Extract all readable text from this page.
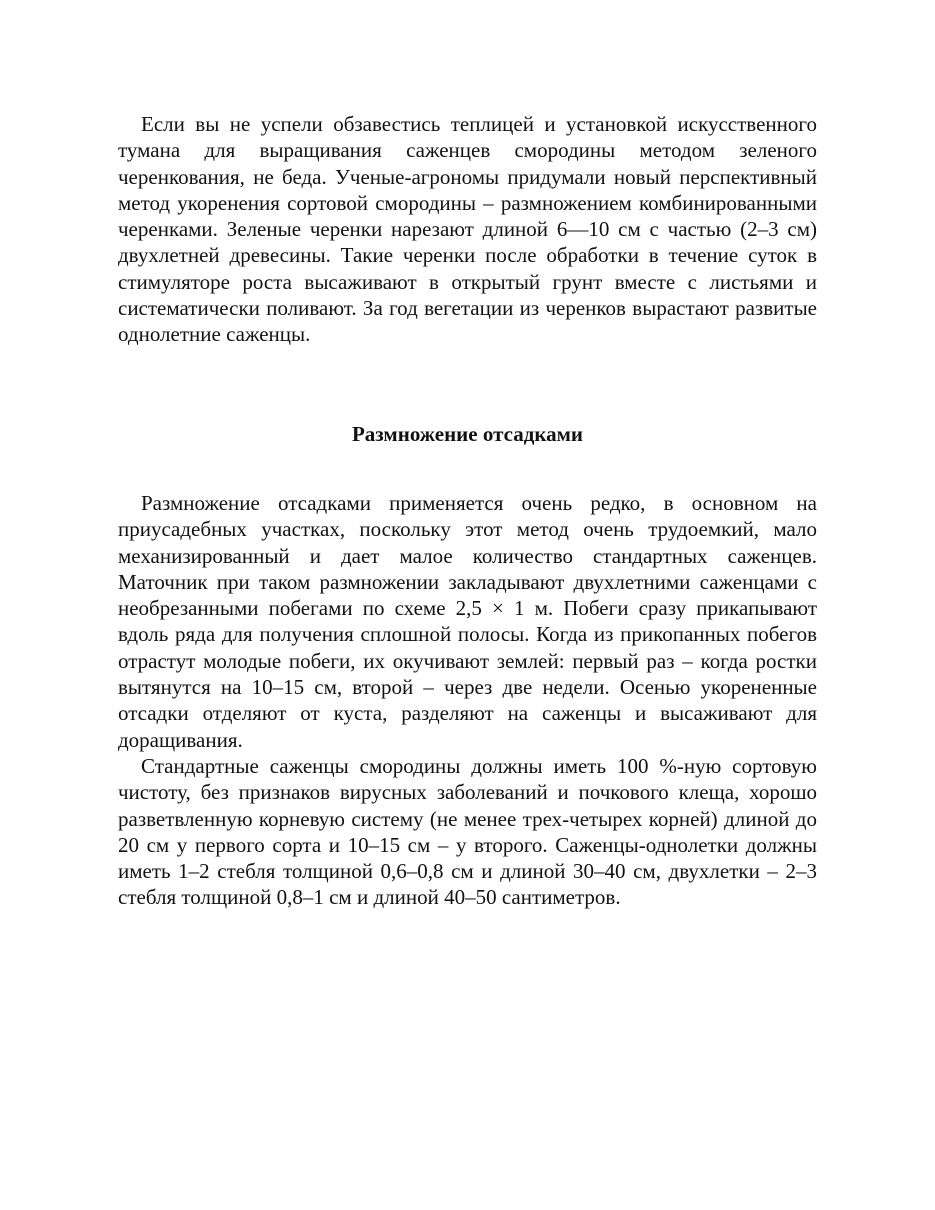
Если вы не успели обзавестись теплицей и установкой искусственного тумана для выращивания саженцев смородины методом зеленого черенкования, не беда. Ученые-агрономы придумали новый перспективный метод укоренения сортовой смородины – размножением комбинированными черенками. Зеленые черенки нарезают длиной 6—10 см с частью (2–3 см) двухлетней древесины. Такие черенки после обработки в течение суток в стимуляторе роста высаживают в открытый грунт вместе с листьями и систематически поливают. За год вегетации из черенков вырастают развитые однолетние саженцы.

Размножение отсадками

Размножение отсадками применяется очень редко, в основном на приусадебных участках, поскольку этот метод очень трудоемкий, мало механизированный и дает малое количество стандартных саженцев. Маточник при таком размножении закладывают двухлетними саженцами с необрезанными побегами по схеме 2,5 × 1 м. Побеги сразу прикапывают вдоль ряда для получения сплошной полосы. Когда из прикопанных побегов отрастут молодые побеги, их окучивают землей: первый раз – когда ростки вытянутся на 10–15 см, второй – через две недели. Осенью укорененные отсадки отделяют от куста, разделяют на саженцы и высаживают для доращивания.

Стандартные саженцы смородины должны иметь 100 %-ную сортовую чистоту, без признаков вирусных заболеваний и почкового клеща, хорошо разветвленную корневую систему (не менее трех-четырех корней) длиной до 20 см у первого сорта и 10–15 см – у второго. Саженцы-однолетки должны иметь 1–2 стебля толщиной 0,6–0,8 см и длиной 30–40 см, двухлетки – 2–3 стебля толщиной 0,8–1 см и длиной 40–50 сантиметров.
